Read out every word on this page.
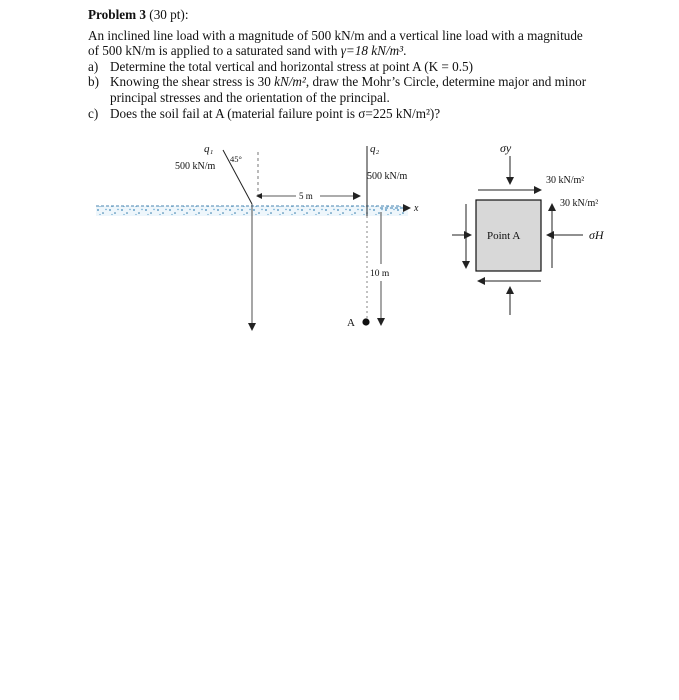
Problem 3 (30 pt):

An inclined line load with a magnitude of 500 kN/m and a vertical line load with a magnitude
of 500 kN/m is applied to a saturated sand with γ=18 kN/m³.

a) Determine the total vertical and horizontal stress at point A (K = 0.5)

b) Knowing the shear stress is 30 kN/m², draw the Mohr’s Circle, determine major and minor
principal stresses and the orientation of the principal.

c) Does the soil fail at A (material failure point is σ=225 kN/m²)?

x
q₁
500 kN/m
45°
q₂
500 kN/m
5 m
10 m
A
Point A
σy
30 kN/m²
30 kN/m²
σH
